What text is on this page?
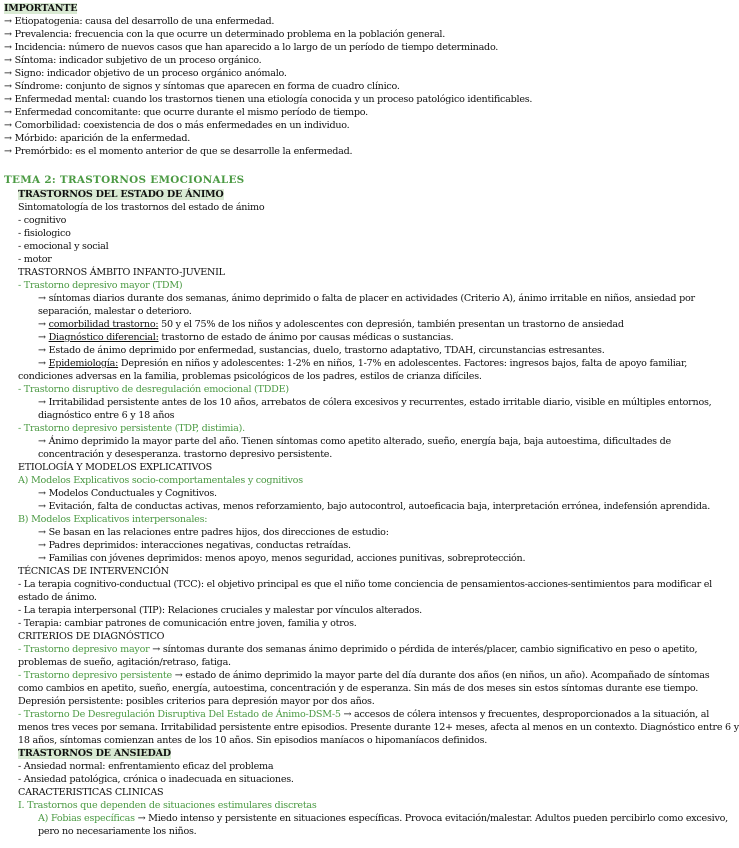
IMPORTANTE
→ Etiopatogenia: causa del desarrollo de una enfermedad.
→ Prevalencia: frecuencia con la que ocurre un determinado problema en la población general.
→ Incidencia: número de nuevos casos que han aparecido a lo largo de un período de tiempo determinado.
→ Síntoma: indicador subjetivo de un proceso orgánico.
→ Signo: indicador objetivo de un proceso orgánico anómalo.
→ Síndrome: conjunto de signos y síntomas que aparecen en forma de cuadro clínico.
→ Enfermedad mental: cuando los trastornos tienen una etiología conocida y un proceso patológico identificables.
→ Enfermedad concomitante: que ocurre durante el mismo período de tiempo.
→ Comorbilidad: coexistencia de dos o más enfermedades en un individuo.
→ Mórbido: aparición de la enfermedad.
→ Premórbido: es el momento anterior de que se desarrolle la enfermedad.
TEMA 2: TRASTORNOS EMOCIONALES
TRASTORNOS DEL ESTADO DE ÁNIMO
Sintomatología de los trastornos del estado de ánimo
- cognitivo
- fisiologico
- emocional y social
- motor
TRASTORNOS ÁMBITO INFANTO-JUVENIL
- Trastorno depresivo mayor (TDM)
→ síntomas diarios durante dos semanas, ánimo deprimido o falta de placer en actividades (Criterio A), ánimo irritable en niños, ansiedad por
separación, malestar o deterioro.
→ comorbilidad trastorno: 50 y el 75% de los niños y adolescentes con depresión, también presentan un trastorno de ansiedad
→ Diagnóstico diferencial: trastorno de estado de ánimo por causas médicas o sustancias.
→ Estado de ánimo deprimido por enfermedad, sustancias, duelo, trastorno adaptativo, TDAH, circunstancias estresantes.
→ Epidemiología: Depresión en niños y adolescentes: 1-2% en niños, 1-7% en adolescentes. Factores: ingresos bajos, falta de apoyo familiar,
condiciones adversas en la familia, problemas psicológicos de los padres, estilos de crianza difíciles.
- Trastorno disruptivo de desregulación emocional (TDDE)
→ Irritabilidad persistente antes de los 10 años, arrebatos de cólera excesivos y recurrentes, estado irritable diario, visible en múltiples entornos,
diagnóstico entre 6 y 18 años
- Trastorno depresivo persistente (TDP, distimia).
→ Ánimo deprimido la mayor parte del año. Tienen síntomas como apetito alterado, sueño, energía baja, baja autoestima, dificultades de
concentración y desesperanza. trastorno depresivo persistente.
ETIOLOGÍA Y MODELOS EXPLICATIVOS
A) Modelos Explicativos socio-comportamentales y cognitivos
→ Modelos Conductuales y Cognitivos.
→ Evitación, falta de conductas activas, menos reforzamiento, bajo autocontrol, autoeficacia baja, interpretación errónea, indefensión aprendida.
B) Modelos Explicativos interpersonales:
→ Se basan en las relaciones entre padres hijos, dos direcciones de estudio:
→ Padres deprimidos: interacciones negativas, conductas retraídas.
→ Familias con jóvenes deprimidos: menos apoyo, menos seguridad, acciones punitivas, sobreprotección.
TÉCNICAS DE INTERVENCIÓN
- La terapia cognitivo-conductual (TCC): el objetivo principal es que el niño tome conciencia de pensamientos-acciones-sentimientos para modificar el
estado de ánimo.
- La terapia interpersonal (TIP): Relaciones cruciales y malestar por vínculos alterados.
- Terapia: cambiar patrones de comunicación entre joven, familia y otros.
CRITERIOS DE DIAGNÓSTICO
- Trastorno depresivo mayor → síntomas durante dos semanas ánimo deprimido o pérdida de interés/placer, cambio significativo en peso o apetito,
problemas de sueño, agitación/retraso, fatiga.
- Trastorno depresivo persistente → estado de ánimo deprimido la mayor parte del día durante dos años (en niños, un año). Acompañado de síntomas
como cambios en apetito, sueño, energía, autoestima, concentración y de esperanza. Sin más de dos meses sin estos síntomas durante ese tiempo.
Depresión persistente: posibles criterios para depresión mayor por dos años.
- Trastorno De Desregulación Disruptiva Del Estado de Ánimo-DSM-5 → accesos de cólera intensos y frecuentes, desproporcionados a la situación, al
menos tres veces por semana. Irritabilidad persistente entre episodios. Presente durante 12+ meses, afecta al menos en un contexto. Diagnóstico entre 6 y
18 años, síntomas comienzan antes de los 10 años. Sin episodios maníacos o hipomaníacos definidos.
TRASTORNOS DE ANSIEDAD
- Ansiedad normal: enfrentamiento eficaz del problema
- Ansiedad patológica, crónica o inadecuada en situaciones.
CARACTERISTICAS CLINICAS
I. Trastornos que dependen de situaciones estimulares discretas
A) Fobias específicas → Miedo intenso y persistente en situaciones específicas. Provoca evitación/malestar. Adultos pueden percibirlo como excesivo,
pero no necesariamente los niños.
